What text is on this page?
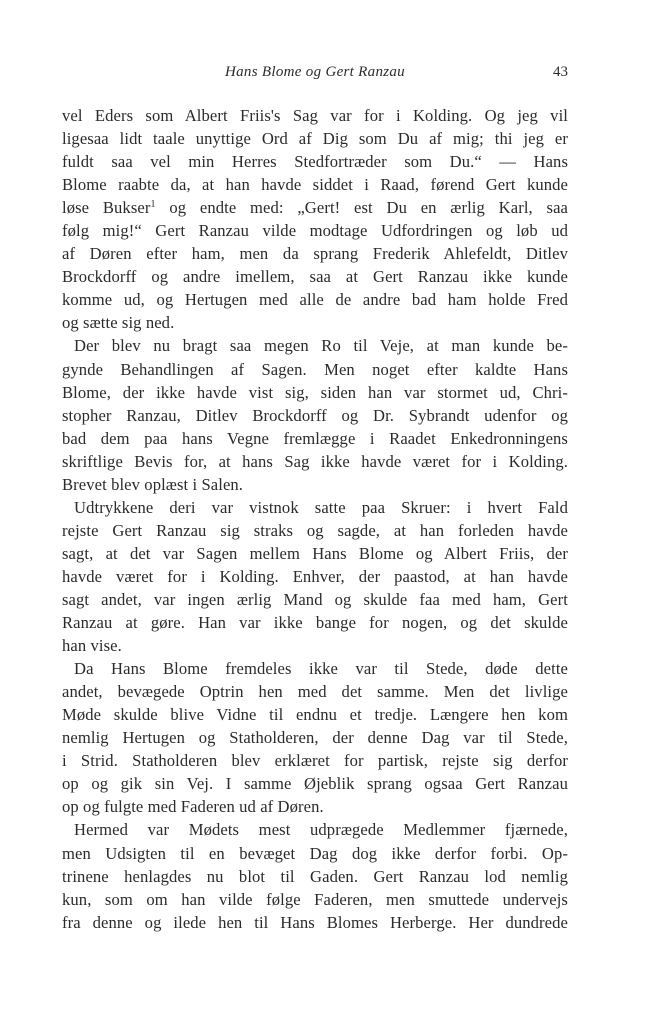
Hans Blome og Gert Ranzau	43
vel Eders som Albert Friis's Sag var for i Kolding. Og jeg vil
ligesaa lidt taale unyttige Ord af Dig som Du af mig; thi jeg er
fuldt saa vel min Herres Stedfortræder som Du.“ — Hans
Blome raabte da, at han havde siddet i Raad, førend Gert kunde
løse Bukser$^1$ og endte med: „Gert! est Du en ærlig Karl, saa
følg mig!“ Gert Ranzau vilde modtage Udfordringen og løb ud
af Døren efter ham, men da sprang Frederik Ahlefeldt, Ditlev
Brockdorff og andre imellem, saa at Gert Ranzau ikke kunde
komme ud, og Hertugen med alle de andre bad ham holde Fred
og sætte sig ned.
Der blev nu bragt saa megen Ro til Veje, at man kunde be-
gynde Behandlingen af Sagen. Men noget efter kaldte Hans
Blome, der ikke havde vist sig, siden han var stormet ud, Chri-
stopher Ranzau, Ditlev Brockdorff og Dr. Sybrandt udenfor og
bad dem paa hans Vegne fremlægge i Raadet Enkedronningens
skriftlige Bevis for, at hans Sag ikke havde været for i Kolding.
Brevet blev oplæst i Salen.
Udtrykkene deri var vistnok satte paa Skruer: i hvert Fald
rejste Gert Ranzau sig straks og sagde, at han forleden havde
sagt, at det var Sagen mellem Hans Blome og Albert Friis, der
havde været for i Kolding. Enhver, der paastod, at han havde
sagt andet, var ingen ærlig Mand og skulde faa med ham, Gert
Ranzau at gøre. Han var ikke bange for nogen, og det skulde
han vise.
Da Hans Blome fremdeles ikke var til Stede, døde dette
andet, bevægede Optrin hen med det samme. Men det livlige
Møde skulde blive Vidne til endnu et tredje. Længere hen kom
nemlig Hertugen og Statholderen, der denne Dag var til Stede,
i Strid. Statholderen blev erklæret for partisk, rejste sig derfor
op og gik sin Vej. I samme Øjeblik sprang ogsaa Gert Ranzau
op og fulgte med Faderen ud af Døren.
Hermed var Mødets mest udprægede Medlemmer fjærnede,
men Udsigten til en bevæget Dag dog ikke derfor forbi. Op-
trinene henlagdes nu blot til Gaden. Gert Ranzau lod nemlig
kun, som om han vilde følge Faderen, men smuttede undervejs
fra denne og ilede hen til Hans Blomes Herberge. Her dundrede
